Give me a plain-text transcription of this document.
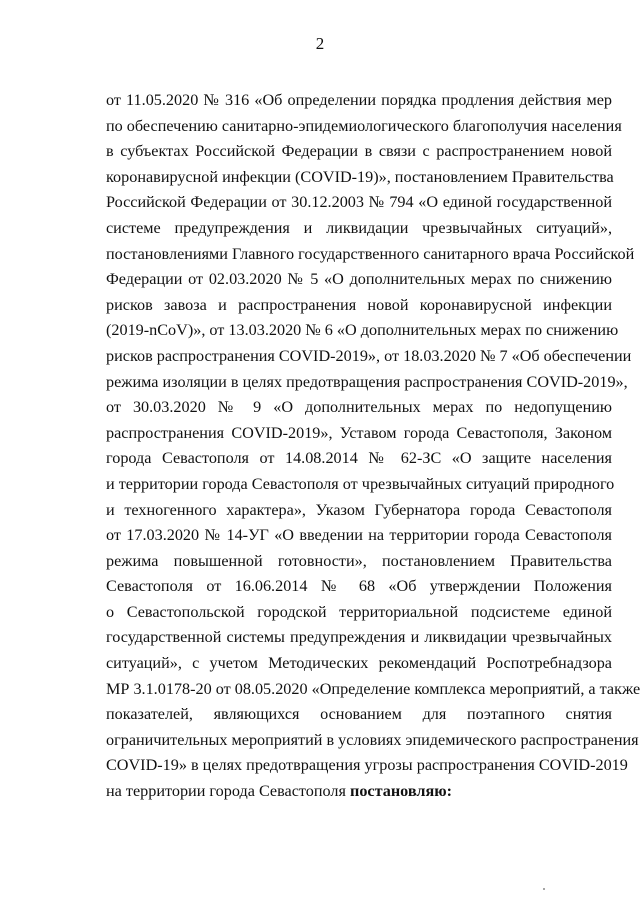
2
от 11.05.2020 № 316 «Об определении порядка продления действия мер
по обеспечению санитарно-эпидемиологического благополучия населения
в субъектах Российской Федерации в связи с распространением новой
коронавирусной инфекции (COVID-19)», постановлением Правительства
Российской Федерации от 30.12.2003 № 794 «О единой государственной
системе предупреждения и ликвидации чрезвычайных ситуаций»,
постановлениями Главного государственного санитарного врача Российской
Федерации от 02.03.2020 № 5 «О дополнительных мерах по снижению
рисков завоза и распространения новой коронавирусной инфекции
(2019-nCoV)», от 13.03.2020 № 6 «О дополнительных мерах по снижению
рисков распространения COVID-2019», от 18.03.2020 № 7 «Об обеспечении
режима изоляции в целях предотвращения распространения COVID-2019»,
от 30.03.2020 № 9 «О дополнительных мерах по недопущению
распространения COVID-2019», Уставом города Севастополя, Законом
города Севастополя от 14.08.2014 № 62-ЗС «О защите населения
и территории города Севастополя от чрезвычайных ситуаций природного
и техногенного характера», Указом Губернатора города Севастополя
от 17.03.2020 № 14-УГ «О введении на территории города Севастополя
режима повышенной готовности», постановлением Правительства
Севастополя от 16.06.2014 № 68 «Об утверждении Положения
о Севастопольской городской территориальной подсистеме единой
государственной системы предупреждения и ликвидации чрезвычайных
ситуаций», с учетом Методических рекомендаций Роспотребнадзора
МР 3.1.0178-20 от 08.05.2020 «Определение комплекса мероприятий, а также
показателей, являющихся основанием для поэтапного снятия
ограничительных мероприятий в условиях эпидемического распространения
COVID-19» в целях предотвращения угрозы распространения COVID-2019
на территории города Севастополя постановляю:
